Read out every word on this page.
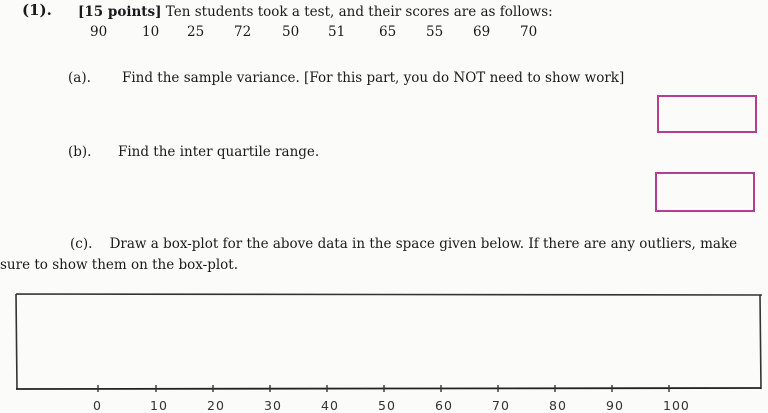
(1). [15 points] Ten students took a test, and their scores are as follows:
90	10 25 72 50 51	65 55 69 70
(a). Find the sample variance. [For this part, you do NOT need to show work]
(b). Find the inter quartile range.
(c). Draw a box-plot for the above data in the space given below. If there are any outliers, make sure to show them on the box-plot.
0	10	20	30	40	50	60	70	80	90	100
